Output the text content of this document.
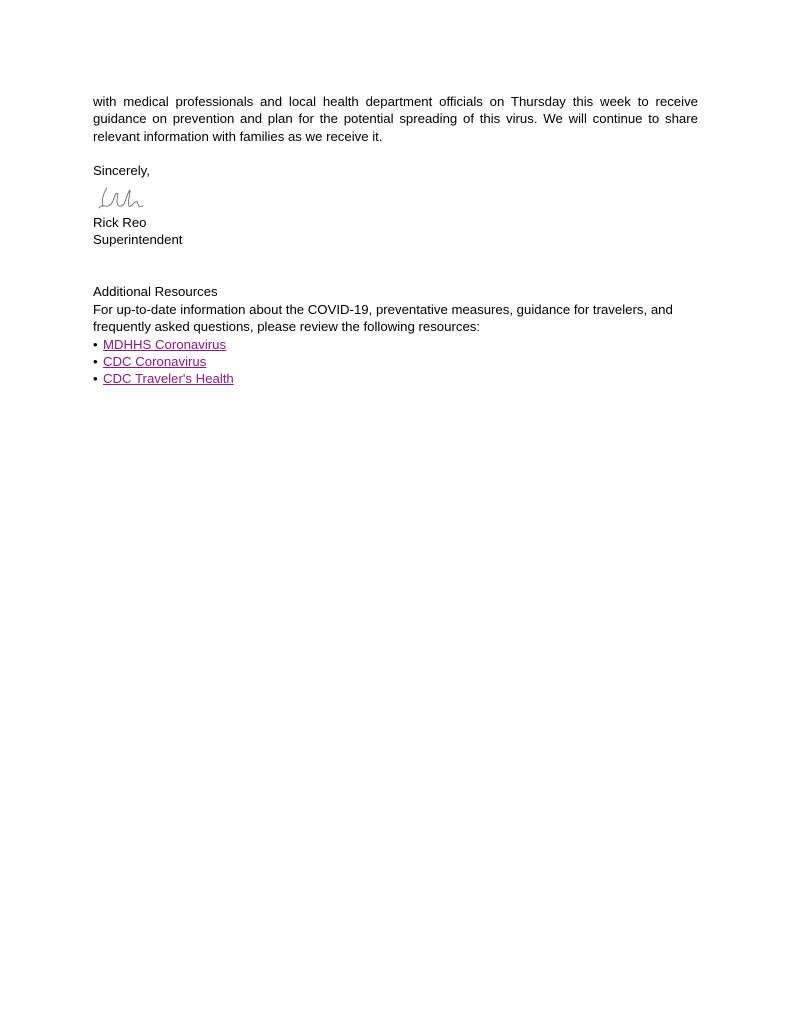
with medical professionals and local health department officials on Thursday this week to receive guidance on prevention and plan for the potential spreading of this virus. We will continue to share relevant information with families as we receive it.

Sincerely,

Rick Reo

Superintendent

Additional Resources

For up-to-date information about the COVID-19, preventative measures, guidance for travelers, and frequently asked questions, please review the following resources:

• MDHHS Coronavirus
• CDC Coronavirus
• CDC Traveler's Health
